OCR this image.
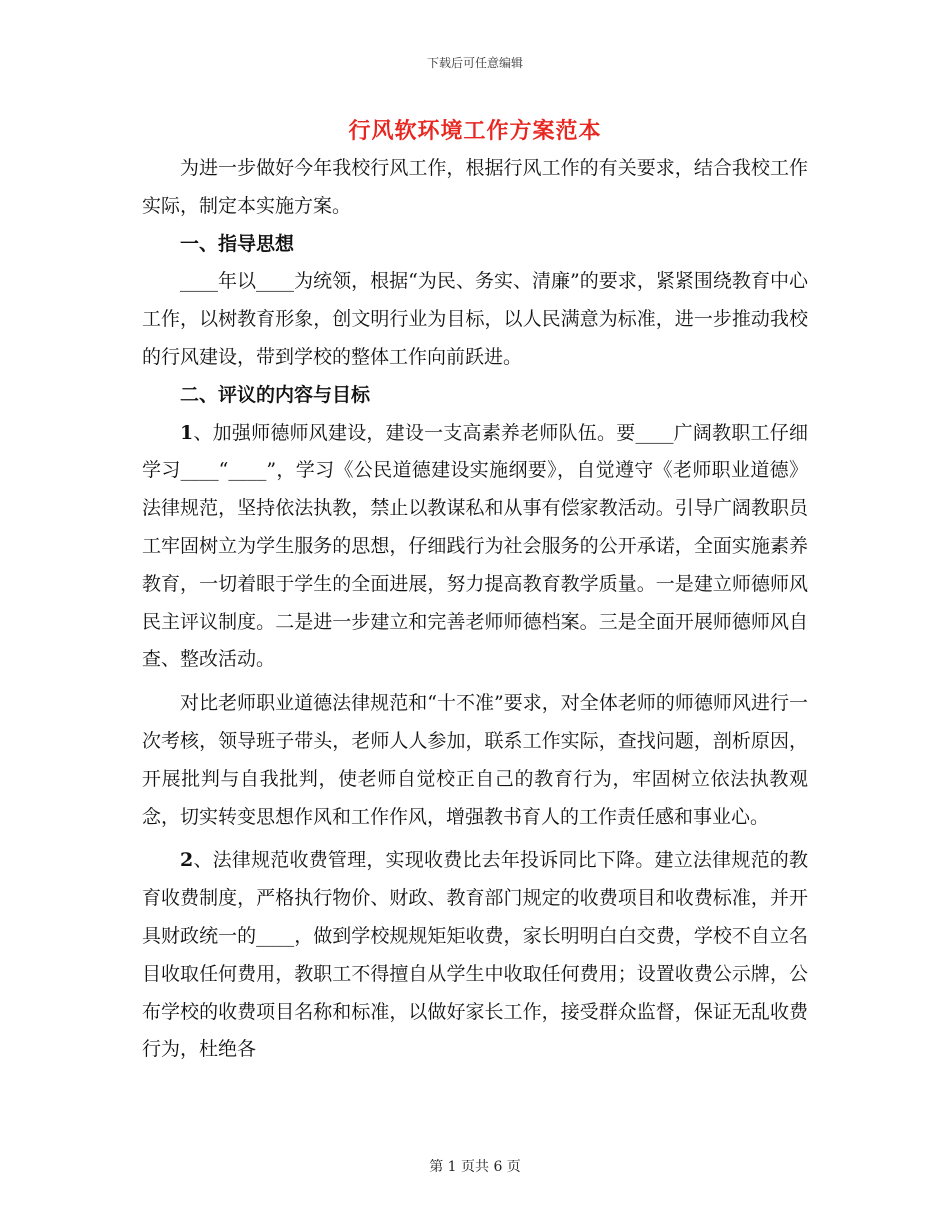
下载后可任意编辑
行风软环境工作方案范本

为进一步做好今年我校行风工作，根据行风工作的有关要求，结合我校工作实际，制定本实施方案。

一、指导思想

____年以____为统领，根据“为民、务实、清廉”的要求，紧紧围绕教育中心工作，以树教育形象，创文明行业为目标，以人民满意为标准，进一步推动我校的行风建设，带到学校的整体工作向前跃进。

二、评议的内容与目标

1、加强师德师风建设，建设一支高素养老师队伍。要____广阔教职工仔细学习____“____”，学习《公民道德建设实施纲要》，自觉遵守《老师职业道德》法律规范，坚持依法执教，禁止以教谋私和从事有偿家教活动。引导广阔教职员工牢固树立为学生服务的思想，仔细践行为社会服务的公开承诺，全面实施素养教育，一切着眼于学生的全面进展，努力提高教育教学质量。一是建立师德师风民主评议制度。二是进一步建立和完善老师师德档案。三是全面开展师德师风自查、整改活动。

对比老师职业道德法律规范和“十不准”要求，对全体老师的师德师风进行一次考核，领导班子带头，老师人人参加，联系工作实际，查找问题，剖析原因，开展批判与自我批判，使老师自觉校正自己的教育行为，牢固树立依法执教观念，切实转变思想作风和工作作风，增强教书育人的工作责任感和事业心。

2、法律规范收费管理，实现收费比去年投诉同比下降。建立法律规范的教育收费制度，严格执行物价、财政、教育部门规定的收费项目和收费标准，并开具财政统一的____，做到学校规规矩矩收费，家长明明白白交费，学校不自立名目收取任何费用，教职工不得擅自从学生中收取任何费用；设置收费公示牌，公布学校的收费项目名称和标准，以做好家长工作，接受群众监督，保证无乱收费行为，杜绝各

第 1 页共 6 页
